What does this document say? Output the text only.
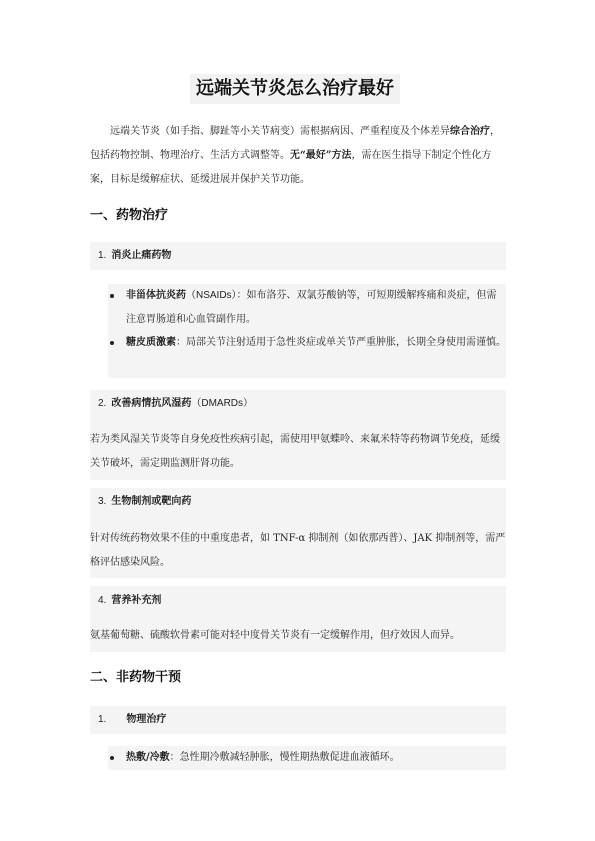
远端关节炎怎么治疗最好
远端关节炎（如手指、脚趾等小关节病变）需根据病因、严重程度及个体差异综合治疗，包括药物控制、物理治疗、生活方式调整等。无“最好”方法，需在医生指导下制定个性化方案，目标是缓解症状、延缓进展并保护关节功能。
一、药物治疗
1. 消炎止痛药物
非甾体抗炎药（NSAIDs）：如布洛芬、双氯芬酸钠等，可短期缓解疼痛和炎症，但需注意胃肠道和心血管副作用。
糖皮质激素：局部关节注射适用于急性炎症或单关节严重肿胀，长期全身使用需谨慎。
2. 改善病情抗风湿药（DMARDs）
若为类风湿关节炎等自身免疫性疾病引起，需使用甲氨蝶呤、来氟米特等药物调节免疫，延缓关节破坏，需定期监测肝肾功能。
3. 生物制剂或靶向药
针对传统药物效果不佳的中重度患者，如 TNF-α 抑制剂（如依那西普）、JAK 抑制剂等，需严格评估感染风险。
4. 营养补充剂
氨基葡萄糖、硫酸软骨素可能对轻中度骨关节炎有一定缓解作用，但疗效因人而异。
二、非药物干预
1. 物理治疗
热敷/冷敷：急性期冷敷减轻肿胀，慢性期热敷促进血液循环。
